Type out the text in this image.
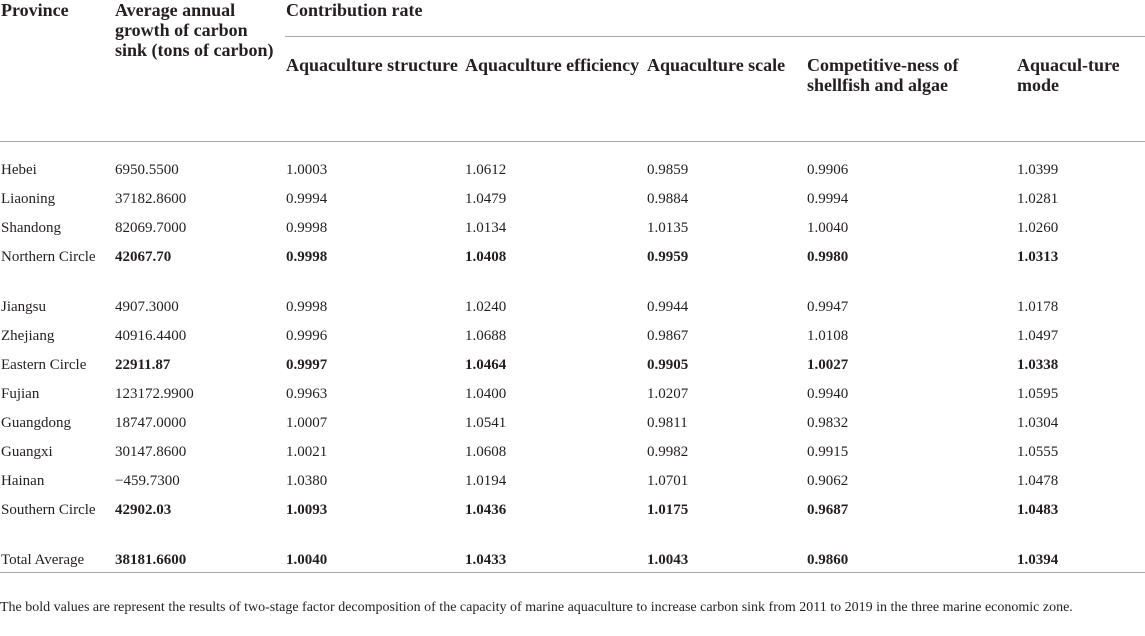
Province	Average annual growth of carbon sink (tons of carbon)	Contribution rate				
		Aquaculture structure	Aquaculture efficiency	Aquaculture scale	Competitive-ness of shellfish and algae	Aquacul-ture mode
Hebei	6950.5500	1.0003	1.0612	0.9859	0.9906	1.0399
Liaoning	37182.8600	0.9994	1.0479	0.9884	0.9994	1.0281
Shandong	82069.7000	0.9998	1.0134	1.0135	1.0040	1.0260
Northern Circle	42067.70	0.9998	1.0408	0.9959	0.9980	1.0313
Jiangsu	4907.3000	0.9998	1.0240	0.9944	0.9947	1.0178
Zhejiang	40916.4400	0.9996	1.0688	0.9867	1.0108	1.0497
Eastern Circle	22911.87	0.9997	1.0464	0.9905	1.0027	1.0338
Fujian	123172.9900	0.9963	1.0400	1.0207	0.9940	1.0595
Guangdong	18747.0000	1.0007	1.0541	0.9811	0.9832	1.0304
Guangxi	30147.8600	1.0021	1.0608	0.9982	0.9915	1.0555
Hainan	−459.7300	1.0380	1.0194	1.0701	0.9062	1.0478
Southern Circle	42902.03	1.0093	1.0436	1.0175	0.9687	1.0483
Total Average	38181.6600	1.0040	1.0433	1.0043	0.9860	1.0394
The bold values are represent the results of two-stage factor decomposition of the capacity of marine aquaculture to increase carbon sink from 2011 to 2019 in the three marine economic zone.
